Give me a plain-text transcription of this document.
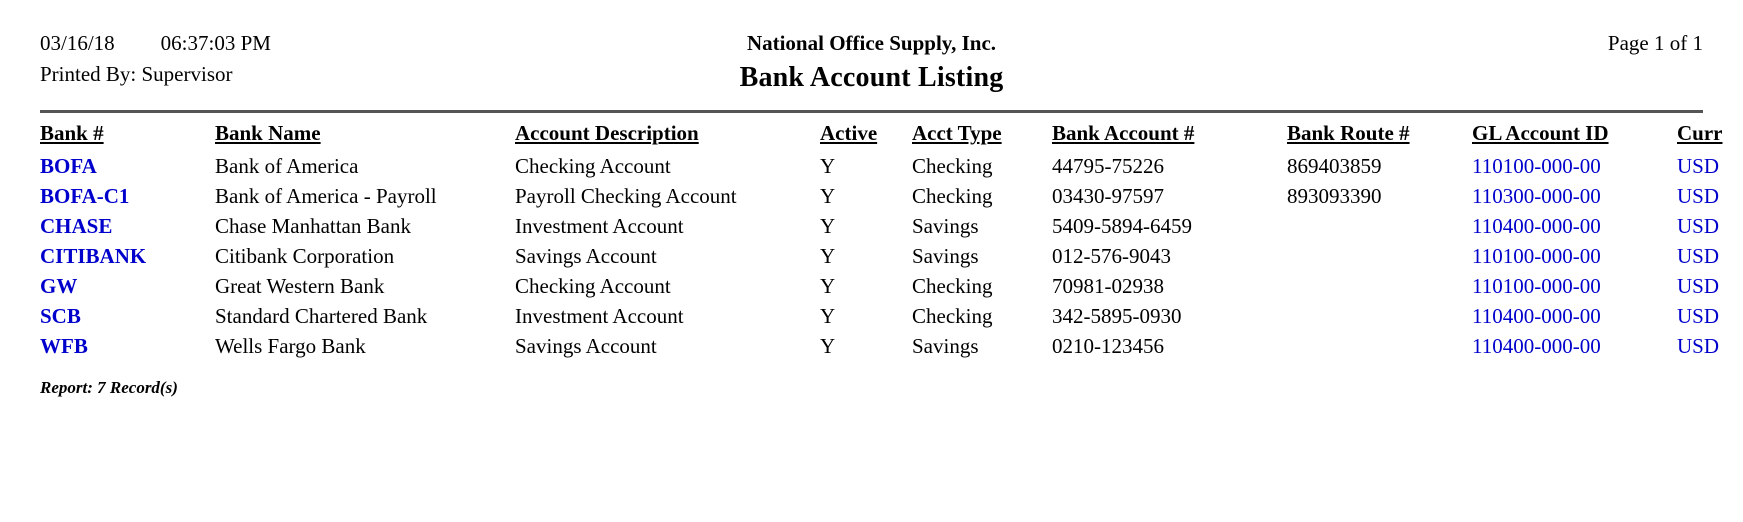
03/16/18 06:37:03 PM
Printed By: Supervisor
National Office Supply, Inc.
Bank Account Listing
Page 1 of 1
Bank #	Bank Name	Account Description	Active	Acct Type	Bank Account #	Bank Route #	GL Account ID	Curr
BOFA	Bank of America	Checking Account	Y	Checking	44795-75226	869403859	110100-000-00	USD
BOFA-C1	Bank of America - Payroll	Payroll Checking Account	Y	Checking	03430-97597	893093390	110300-000-00	USD
CHASE	Chase Manhattan Bank	Investment Account	Y	Savings	5409-5894-6459		110400-000-00	USD
CITIBANK	Citibank Corporation	Savings Account	Y	Savings	012-576-9043		110100-000-00	USD
GW	Great Western Bank	Checking Account	Y	Checking	70981-02938		110100-000-00	USD
SCB	Standard Chartered Bank	Investment Account	Y	Checking	342-5895-0930		110400-000-00	USD
WFB	Wells Fargo Bank	Savings Account	Y	Savings	0210-123456		110400-000-00	USD
Report: 7 Record(s)
